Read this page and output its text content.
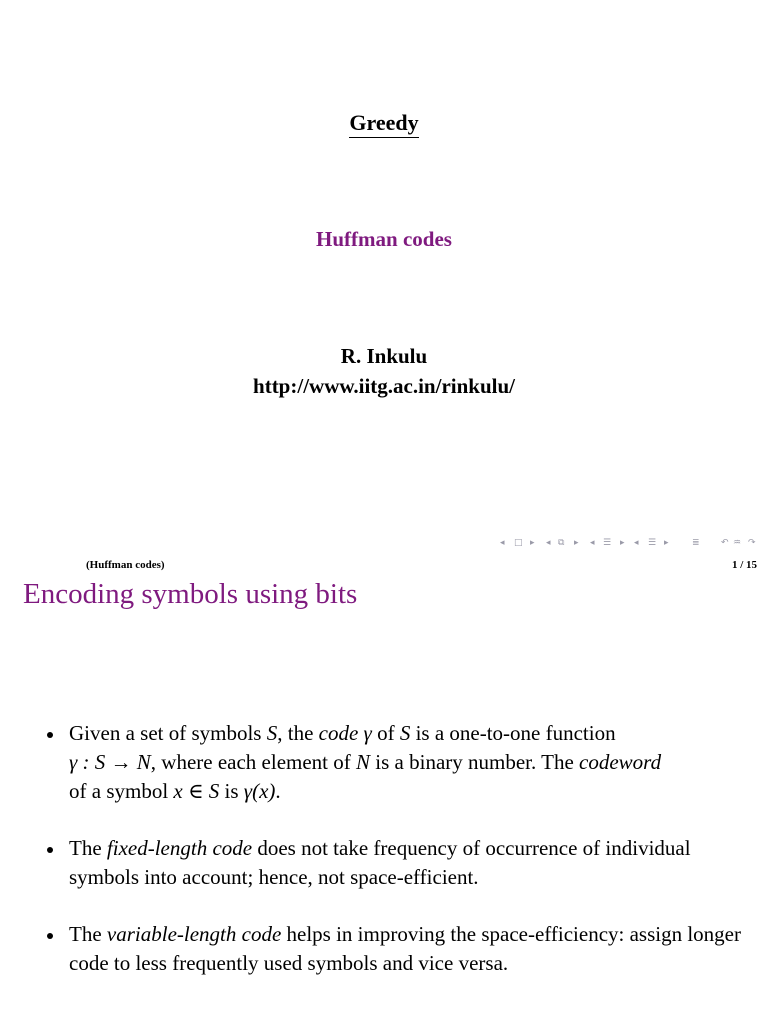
Greedy
Huffman codes
R. Inkulu
http://www.iitg.ac.in/rinkulu/
◂ □ ▸ ◂ ⧉ ▸ ◂ ☰ ▸ ◂ ☰ ▸	≣ ↶ ♒ ↷
(Huffman codes)	1 / 15
Encoding symbols using bits
Given a set of symbols S, the code γ of S is a one-to-one function
γ : S → N, where each element of N is a binary number. The codeword
of a symbol x ∈ S is γ(x).
The fixed-length code does not take frequency of occurrence of individual symbols into account; hence, not space-efficient.
The variable-length code helps in improving the space-efficiency: assign longer code to less frequently used symbols and vice versa.
